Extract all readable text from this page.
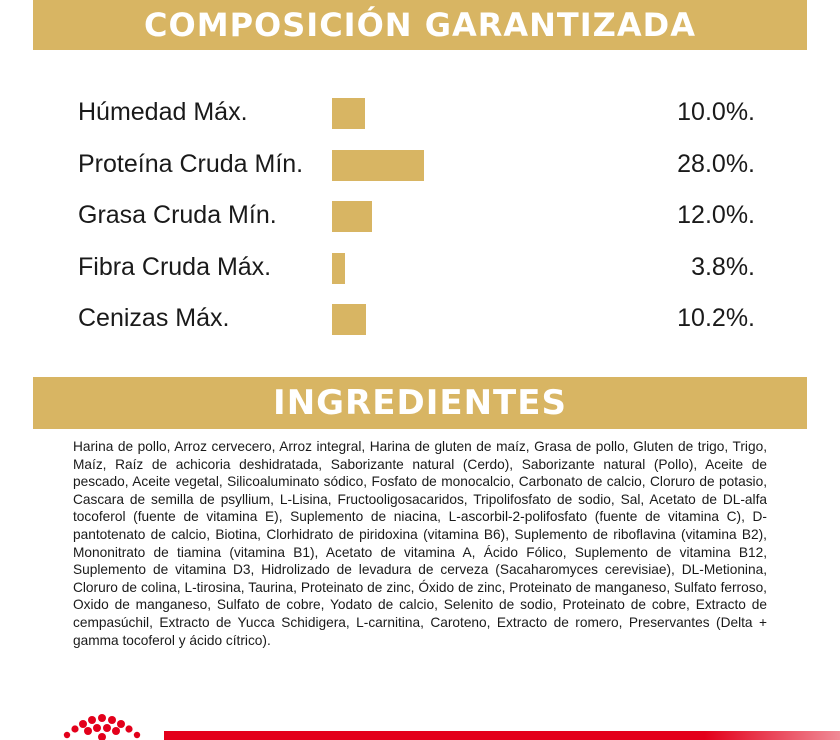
COMPOSICIÓN GARANTIZADA
Húmedad Máx.	10.0%.
Proteína Cruda Mín.	28.0%.
Grasa Cruda Mín.	12.0%.
Fibra Cruda Máx.	3.8%.
Cenizas Máx.	10.2%.
INGREDIENTES
Harina de pollo, Arroz cervecero, Arroz integral, Harina de gluten de maíz, Grasa de pollo, Gluten de trigo, Trigo, Maíz, Raíz de achicoria deshidratada, Saborizante natural (Cerdo), Saborizante natural (Pollo), Aceite de pescado, Aceite vegetal, Silicoaluminato sódico, Fosfato de monocalcio, Carbonato de calcio, Cloruro de potasio, Cascara de semilla de psyllium, L-Lisina, Fructooligosacaridos, Tripolifosfato de sodio, Sal, Acetato de DL-alfa tocoferol (fuente de vitamina E), Suplemento de niacina, L-ascorbil-2-polifosfato (fuente de vitamina C), D-pantotenato de calcio, Biotina, Clorhidrato de piridoxina (vitamina B6), Suplemento de riboflavina (vitamina B2), Mononitrato de tiamina (vitamina B1), Acetato de vitamina A, Ácido Fólico, Suplemento de vitamina B12, Suplemento de vitamina D3, Hidrolizado de levadura de cerveza (Sacaharomyces cerevisiae), DL-Metionina, Cloruro de colina, L-tirosina, Taurina, Proteinato de zinc, Óxido de zinc, Proteinato de manganeso, Sulfato ferroso, Oxido de manganeso, Sulfato de cobre, Yodato de calcio, Selenito de sodio, Proteinato de cobre, Extracto de cempasúchil, Extracto de Yucca Schidigera, L-carnitina, Caroteno, Extracto de romero, Preservantes (Delta + gamma tocoferol y ácido cítrico).
